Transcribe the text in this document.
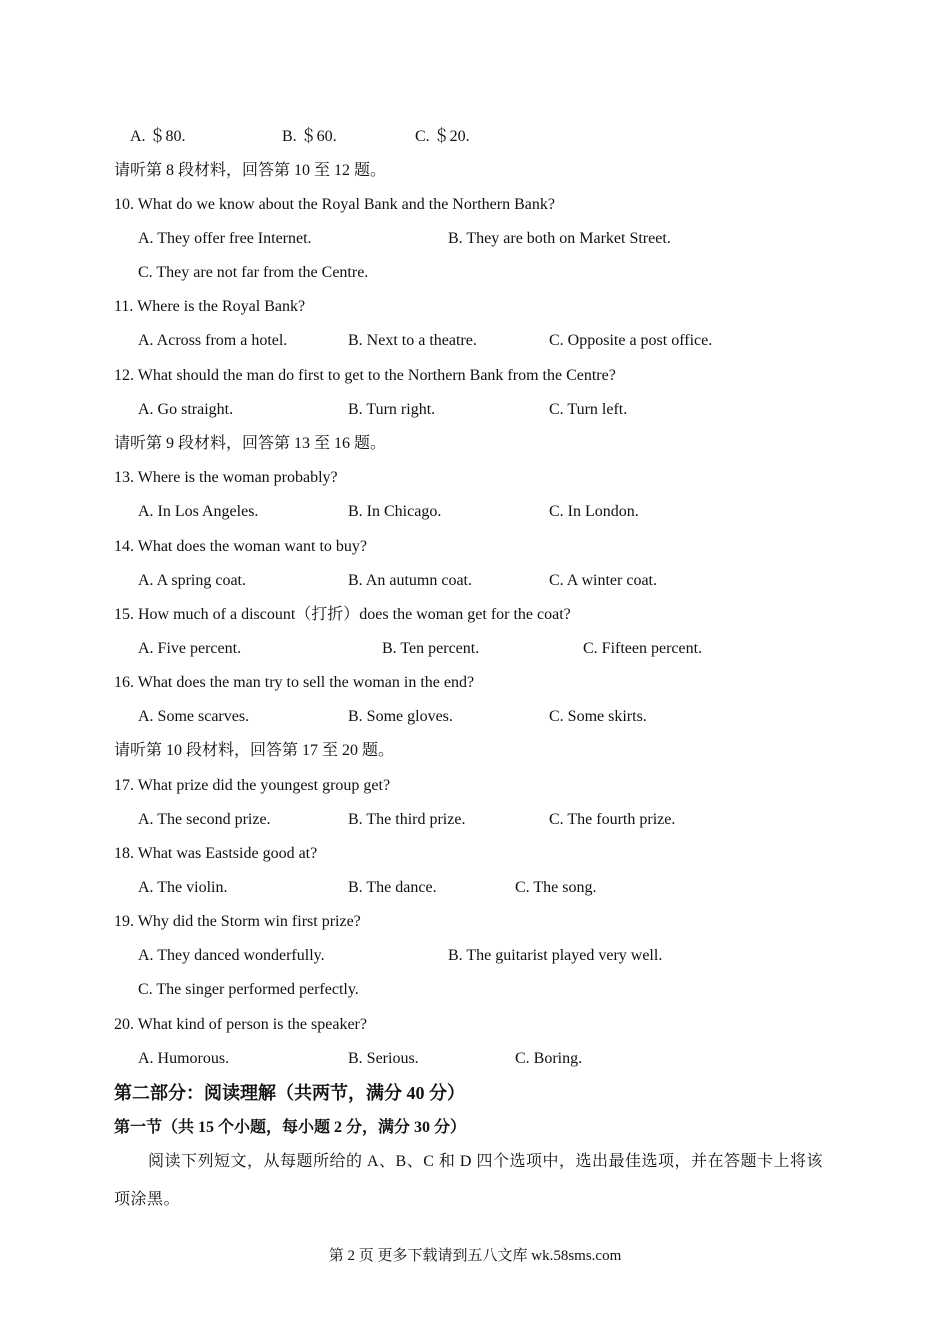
A. ＄80.	B. ＄60.	C. ＄20.
请听第 8 段材料，回答第 10 至 12 题。
10. What do we know about the Royal Bank and the Northern Bank?
A. They offer free Internet.	B. They are both on Market Street.
C. They are not far from the Centre.
11. Where is the Royal Bank?
A. Across from a hotel.	B. Next to a theatre.	C. Opposite a post office.
12. What should the man do first to get to the Northern Bank from the Centre?
A. Go straight.	B. Turn right.	C. Turn left.
请听第 9 段材料，回答第 13 至 16 题。
13. Where is the woman probably?
A. In Los Angeles.	B. In Chicago.	C. In London.
14. What does the woman want to buy?
A. A spring coat.	B. An autumn coat.	C. A winter coat.
15. How much of a discount（打折）does the woman get for the coat?
A. Five percent.	B. Ten percent.	C. Fifteen percent.
16. What does the man try to sell the woman in the end?
A. Some scarves.	B. Some gloves.	C. Some skirts.
请听第 10 段材料，回答第 17 至 20 题。
17. What prize did the youngest group get?
A. The second prize.	B. The third prize.	C. The fourth prize.
18. What was Eastside good at?
A. The violin.	B. The dance.	C. The song.
19. Why did the Storm win first prize?
A. They danced wonderfully.	B. The guitarist played very well.
C. The singer performed perfectly.
20. What kind of person is the speaker?
A. Humorous.	B. Serious.	C. Boring.
第二部分：阅读理解（共两节，满分 40 分）
第一节（共 15 个小题，每小题 2 分，满分 30 分）
阅读下列短文，从每题所给的 A、B、C 和 D 四个选项中，选出最佳选项，并在答题卡上将该项涂黑。
第 2 页 更多下载请到五八文库 wk.58sms.com
